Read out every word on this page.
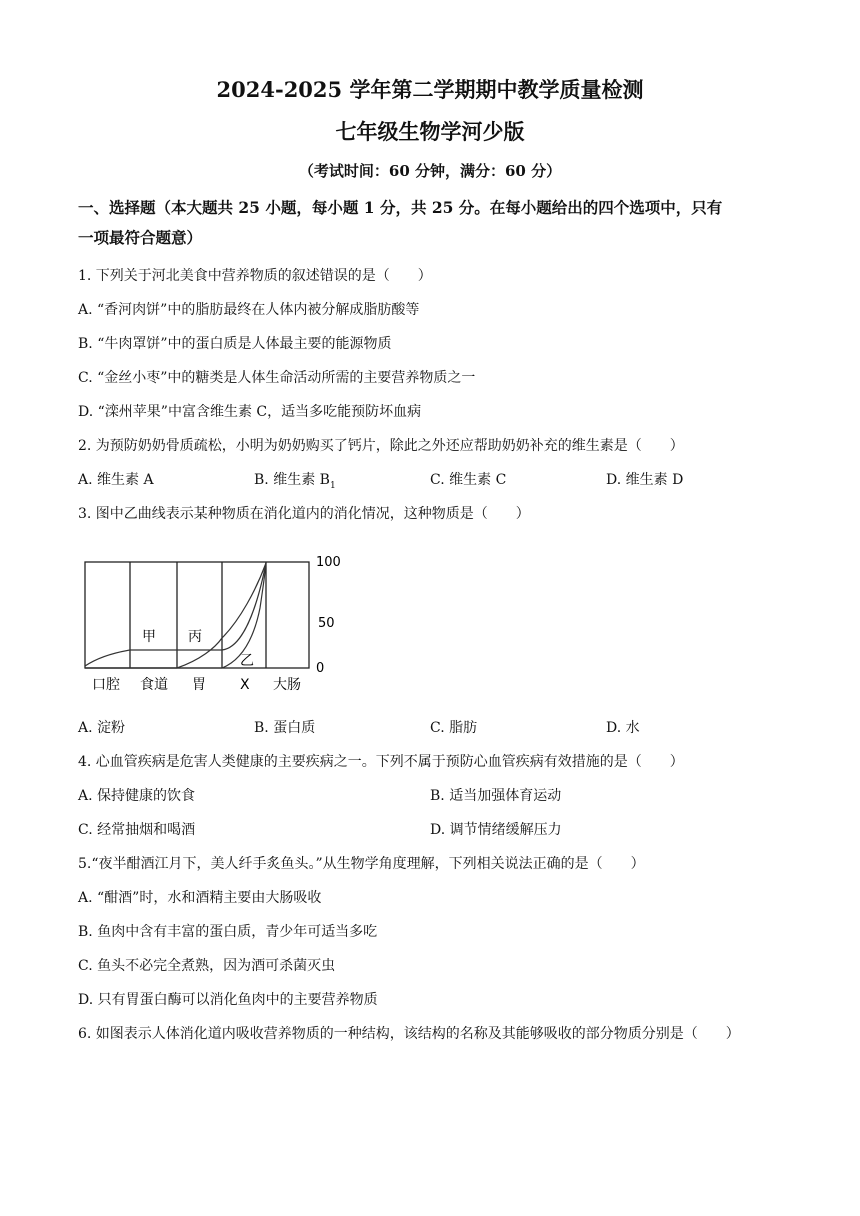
2024-2025 学年第二学期期中教学质量检测
七年级生物学河少版
（考试时间：60 分钟，满分：60 分）
一、选择题（本大题共 25 小题，每小题 1 分，共 25 分。在每小题给出的四个选项中，只有
一项最符合题意）
1. 下列关于河北美食中营养物质的叙述错误的是（　　）
A. “香河肉饼”中的脂肪最终在人体内被分解成脂肪酸等
B. “牛肉罩饼”中的蛋白质是人体最主要的能源物质
C. “金丝小枣”中的糖类是人体生命活动所需的主要营养物质之一
D. “滦州苹果”中富含维生素 C，适当多吃能预防坏血病
2. 为预防奶奶骨质疏松，小明为奶奶购买了钙片，除此之外还应帮助奶奶补充的维生素是（　　）
A. 维生素 A	B. 维生素 $B_1$	C. 维生素 C	D. 维生素 D
3. 图中乙曲线表示某种物质在消化道内的消化情况，这种物质是（　　）
甲 丙
乙
100
50
0
口腔 食道 胃 X 大肠
A. 淀粉	B. 蛋白质	C. 脂肪	D. 水
4. 心血管疾病是危害人类健康的主要疾病之一。下列不属于预防心血管疾病有效措施的是（　　）
A. 保持健康的饮食	B. 适当加强体育运动
C. 经常抽烟和喝酒	D. 调节情绪缓解压力
5.“夜半酣酒江月下，美人纤手炙鱼头。”从生物学角度理解，下列相关说法正确的是（　　）
A. “酣酒”时，水和酒精主要由大肠吸收
B. 鱼肉中含有丰富的蛋白质，青少年可适当多吃
C. 鱼头不必完全煮熟，因为酒可杀菌灭虫
D. 只有胃蛋白酶可以消化鱼肉中的主要营养物质
6. 如图表示人体消化道内吸收营养物质的一种结构，该结构的名称及其能够吸收的部分物质分别是（　　）
